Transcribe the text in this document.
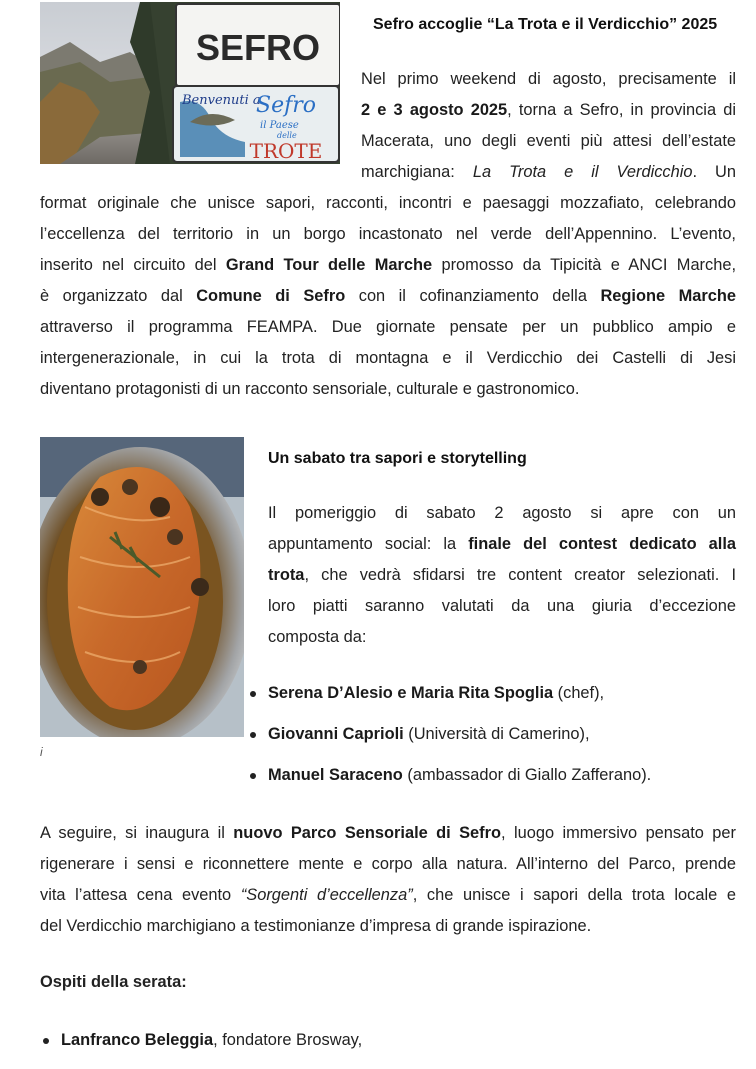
SEFRO
Benvenuti a
Sefro
il Paese
delle
TROTE
Sefro accoglie “La Trota e il Verdicchio” 2025
Nel primo weekend di agosto, precisamente il
2 e 3 agosto 2025, torna a Sefro, in provincia di
Macerata, uno degli eventi più attesi dell’estate
marchigiana: La Trota e il Verdicchio. Un
format originale che unisce sapori, racconti, incontri e paesaggi mozzafiato, celebrando
l’eccellenza del territorio in un borgo incastonato nel verde dell’Appennino. L’evento,
inserito nel circuito del Grand Tour delle Marche promosso da Tipicità e ANCI Marche,
è organizzato dal Comune di Sefro con il cofinanziamento della Regione Marche
attraverso il programma FEAMPA. Due giornate pensate per un pubblico ampio e
intergenerazionale, in cui la trota di montagna e il Verdicchio dei Castelli di Jesi
diventano protagonisti di un racconto sensoriale, culturale e gastronomico.
i
Un sabato tra sapori e storytelling
Il pomeriggio di sabato 2 agosto si apre con un
appuntamento social: la finale del contest dedicato alla
trota, che vedrà sfidarsi tre content creator selezionati. I
loro piatti saranno valutati da una giuria d’eccezione
composta da:
Serena D’Alesio e Maria Rita Spoglia (chef),
Giovanni Caprioli (Università di Camerino),
Manuel Saraceno (ambassador di Giallo Zafferano).
A seguire, si inaugura il nuovo Parco Sensoriale di Sefro, luogo immersivo pensato per
rigenerare i sensi e riconnettere mente e corpo alla natura. All’interno del Parco, prende
vita l’attesa cena evento “Sorgenti d’eccellenza”, che unisce i sapori della trota locale e
del Verdicchio marchigiano a testimonianze d’impresa di grande ispirazione.
Ospiti della serata:
Lanfranco Beleggia, fondatore Brosway,
